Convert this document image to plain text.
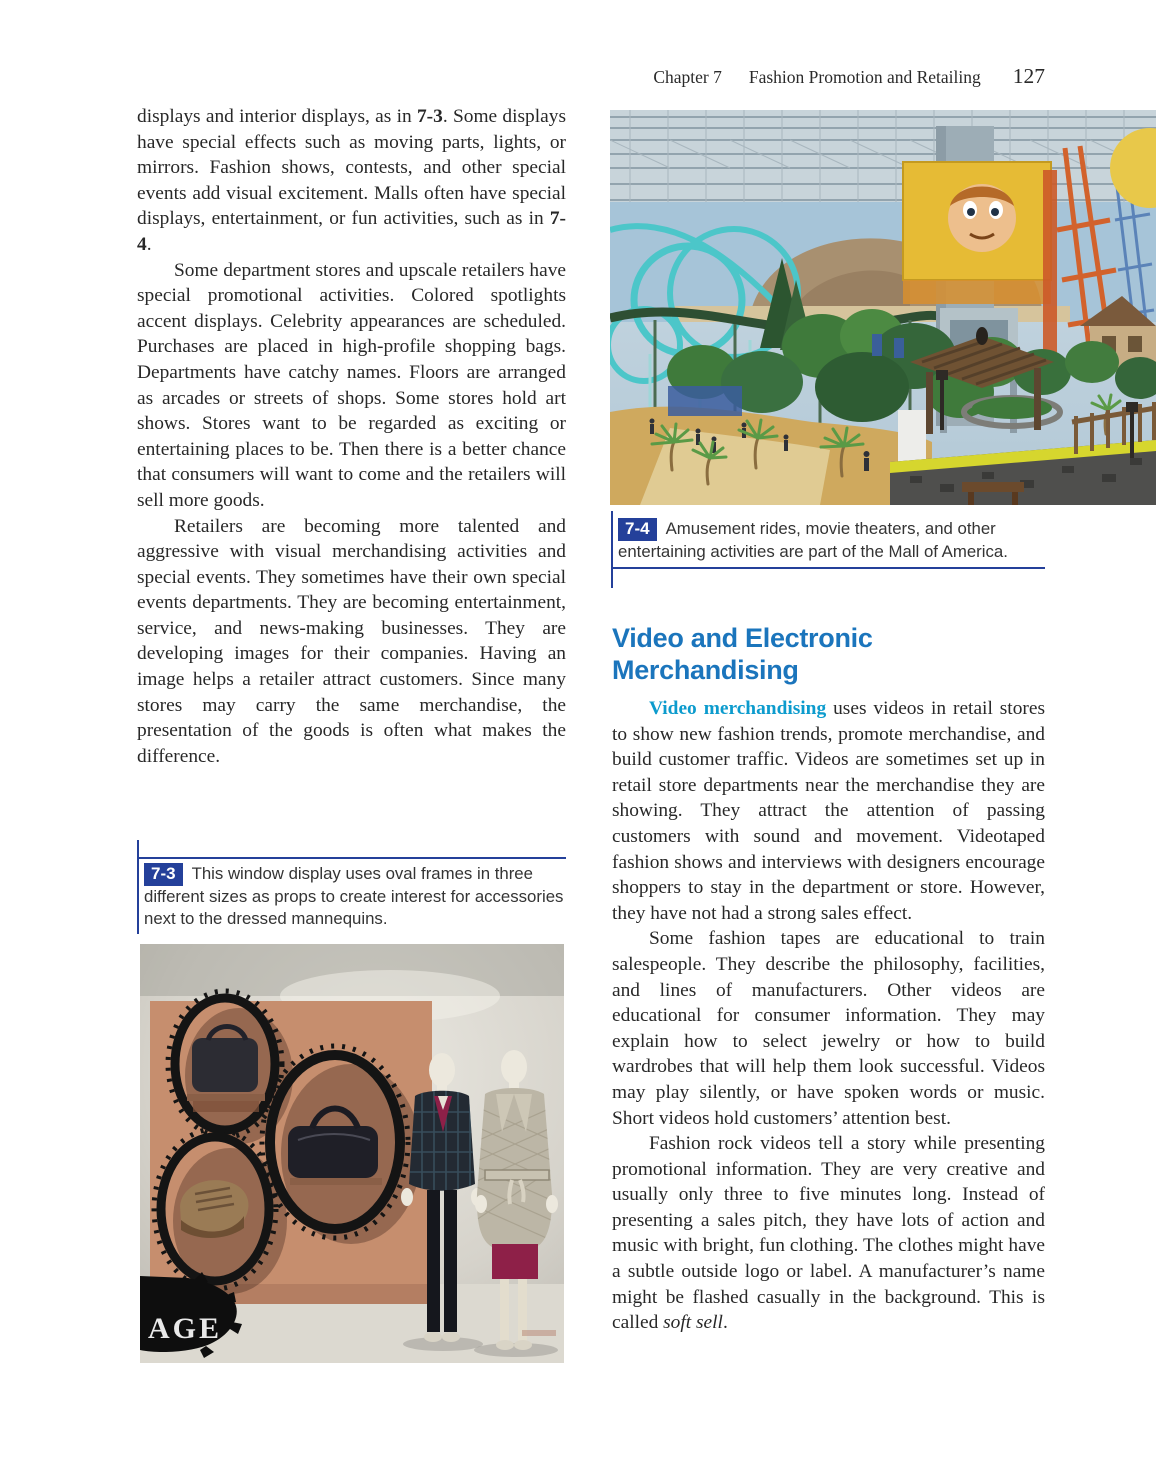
Chapter 7 Fashion Promotion and Retailing 127

displays and interior displays, as in 7-3. Some displays have special effects such as moving parts, lights, or mirrors. Fashion shows, contests, and other special events add visual excitement. Malls often have special displays, entertainment, or fun activities, such as in 7-4.

Some department stores and upscale retailers have special promotional activities. Colored spotlights accent displays. Celebrity appearances are scheduled. Purchases are placed in high-profile shopping bags. Departments have catchy names. Floors are arranged as arcades or streets of shops. Some stores hold art shows. Stores want to be regarded as exciting or entertaining places to be. Then there is a better chance that consumers will want to come and the retailers will sell more goods.

Retailers are becoming more talented and aggressive with visual merchandising activities and special events. They sometimes have their own special events departments. They are becoming entertainment, service, and news-making businesses. They are developing images for their companies. Having an image helps a retailer attract customers. Since many stores may carry the same merchandise, the presentation of the goods is often what makes the difference.

7-3 This window display uses oval frames in three different sizes as props to create interest for accessories next to the dressed mannequins.
AGE
7-4 Amusement rides, movie theaters, and other entertaining activities are part of the Mall of America.
Video and Electronic Merchandising

Video merchandising uses videos in retail stores to show new fashion trends, promote merchandise, and build customer traffic. Videos are sometimes set up in retail store departments near the merchandise they are showing. They attract the attention of passing customers with sound and movement. Videotaped fashion shows and interviews with designers encourage shoppers to stay in the department or store. However, they have not had a strong sales effect.

Some fashion tapes are educational to train salespeople. They describe the philosophy, facilities, and lines of manufacturers. Other videos are educational for consumer information. They may explain how to select jewelry or how to build wardrobes that will help them look successful. Videos may play silently, or have spoken words or music. Short videos hold customers’ attention best.

Fashion rock videos tell a story while presenting promotional information. They are very creative and usually only three to five minutes long. Instead of presenting a sales pitch, they have lots of action and music with bright, fun clothing. The clothes might have a subtle outside logo or label. A manufacturer’s name might be flashed casually in the background. This is called soft sell.
